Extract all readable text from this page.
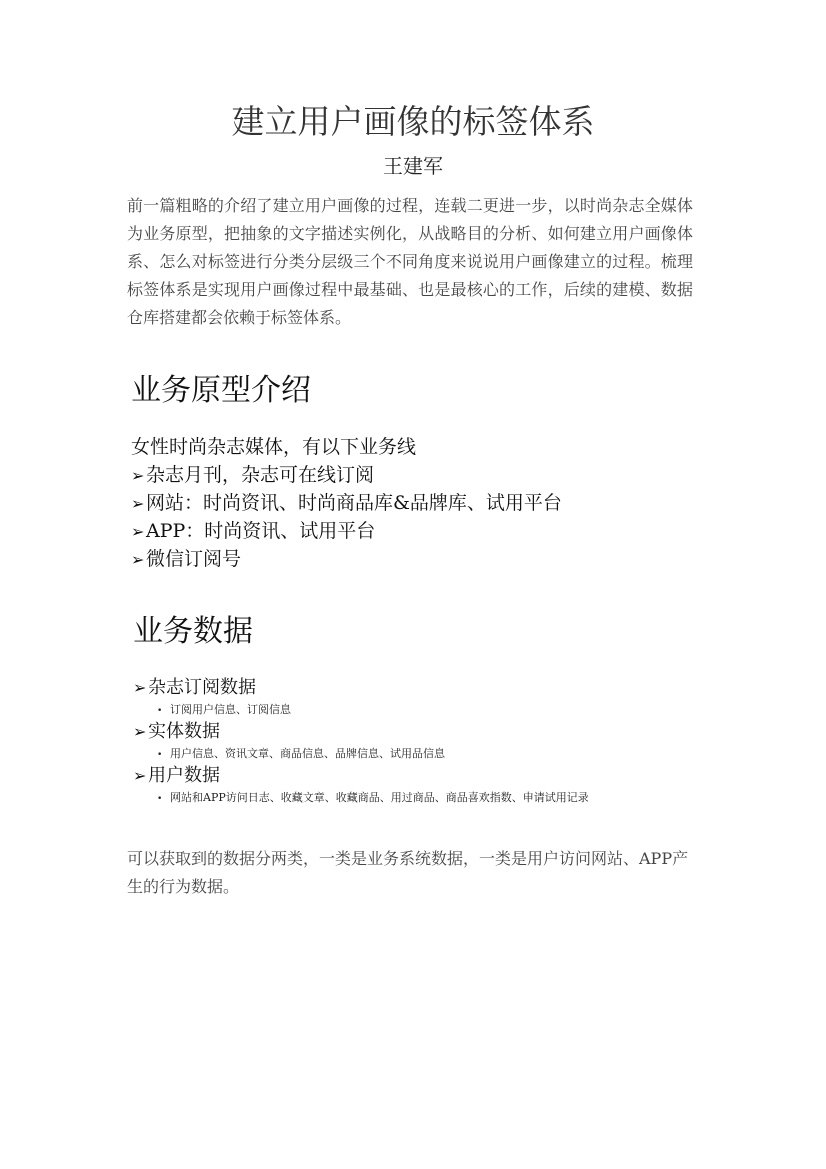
建立用户画像的标签体系
王建军

前一篇粗略的介绍了建立用户画像的过程，连载二更进一步，以时尚杂志全媒体为业务原型，把抽象的文字描述实例化，从战略目的分析、如何建立用户画像体系、怎么对标签进行分类分层级三个不同角度来说说用户画像建立的过程。梳理标签体系是实现用户画像过程中最基础、也是最核心的工作，后续的建模、数据仓库搭建都会依赖于标签体系。

业务原型介绍
女性时尚杂志媒体，有以下业务线
➢杂志月刊，杂志可在线订阅
➢网站：时尚资讯、时尚商品库&品牌库、试用平台
➢APP：时尚资讯、试用平台
➢微信订阅号
业务数据
➢杂志订阅数据
• 订阅用户信息、订阅信息
➢实体数据
• 用户信息、资讯文章、商品信息、品牌信息、试用品信息
➢用户数据
• 网站和APP访问日志、收藏文章、收藏商品、用过商品、商品喜欢指数、申请试用记录

可以获取到的数据分两类，一类是业务系统数据，一类是用户访问网站、APP产生的行为数据。
